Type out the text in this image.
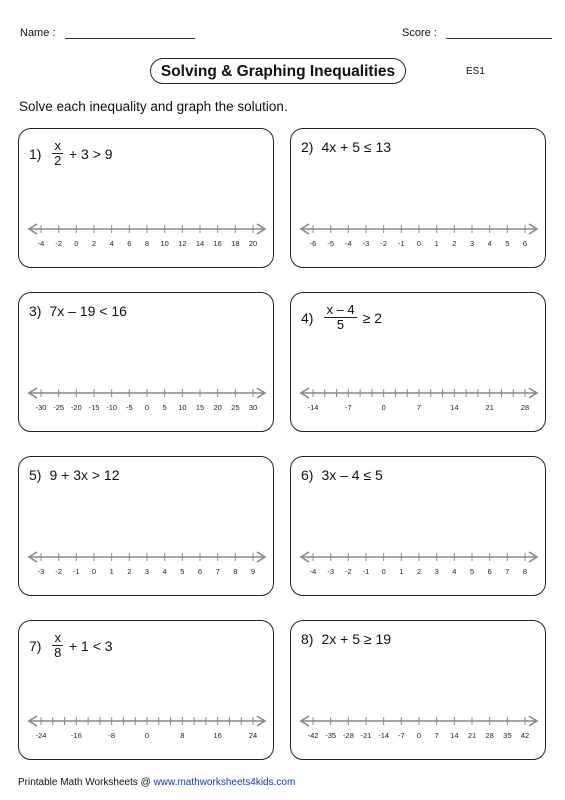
Name :	Score :
Solving & Graphing Inequalities	ES1
Solve each inequality and graph the solution.
$1) \frac{x}{2} + 3 > 9$
-4 -2 0 2 4 6 8 10 12 14 16 18 20
2) 4x + 5 ≤ 13
-6 -5 -4 -3 -2 -1 0 1 2 3 4 5 6
3) 7x – 19 < 16
-30 -25 -20 -15 -10 -5 0 5 10 15 20 25 30
$4) \frac{x - 4}{5} \ge 2$
-14	-7	0	7	14	21	28
5) 9 + 3x > 12
-3 -2 -1 0 1 2 3 4 5 6 7 8 9
6) 3x – 4 ≤ 5
-4 -3 -2 -1 0 1 2 3 4 5 6 7 8
$7) \frac{x}{8} + 1 < 3$
-24	-16	-8	0	8	16	24
8) 2x + 5 ≥ 19
-42 -35 -28 -21 -14 -7 0 7 14 21 28 35 42
Printable Math Worksheets @ www.mathworksheets4kids.com
